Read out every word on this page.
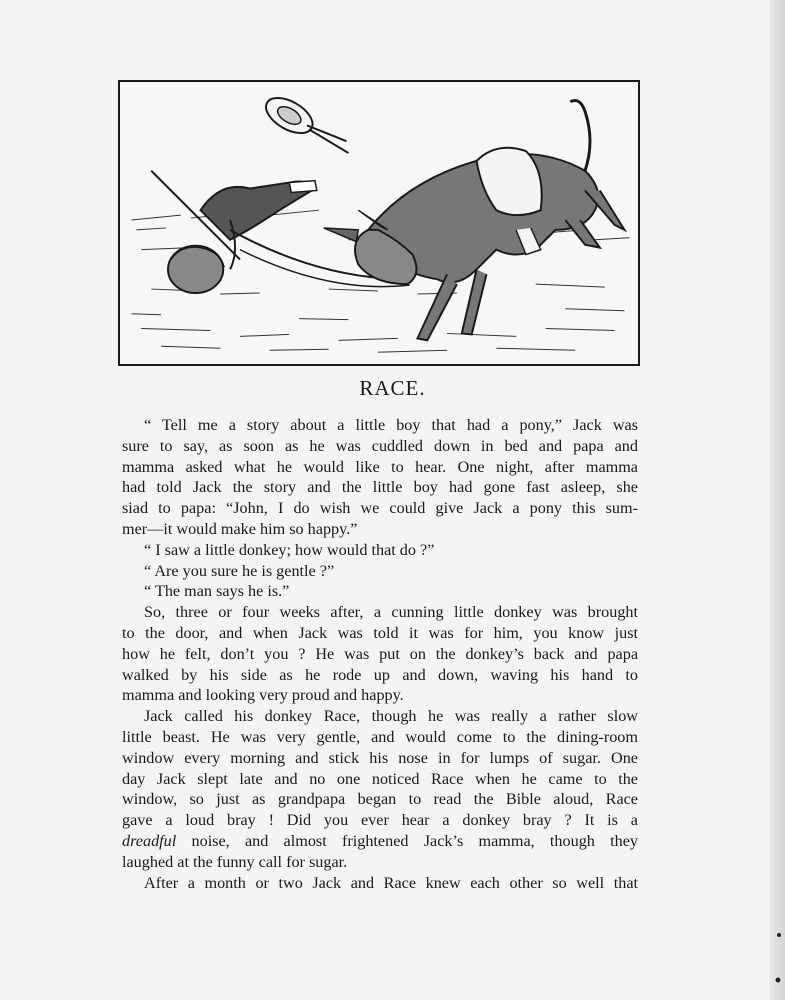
RACE.
“ Tell me a story about a little boy that had a pony,” Jack was
sure to say, as soon as he was cuddled down in bed and papa and
mamma asked what he would like to hear. One night, after mamma
had told Jack the story and the little boy had gone fast asleep, she
siad to papa: “John, I do wish we could give Jack a pony this sum-
mer—it would make him so happy.”
“ I saw a little donkey; how would that do ?”
“ Are you sure he is gentle ?”
“ The man says he is.”
So, three or four weeks after, a cunning little donkey was brought
to the door, and when Jack was told it was for him, you know just
how he felt, don’t you ? He was put on the donkey’s back and papa
walked by his side as he rode up and down, waving his hand to
mamma and looking very proud and happy.
Jack called his donkey Race, though he was really a rather slow
little beast. He was very gentle, and would come to the dining-room
window every morning and stick his nose in for lumps of sugar. One
day Jack slept late and no one noticed Race when he came to the
window, so just as grandpapa began to read the Bible aloud, Race
gave a loud bray ! Did you ever hear a donkey bray ? It is a
dreadful noise, and almost frightened Jack’s mamma, though they
laughed at the funny call for sugar.
After a month or two Jack and Race knew each other so well that
